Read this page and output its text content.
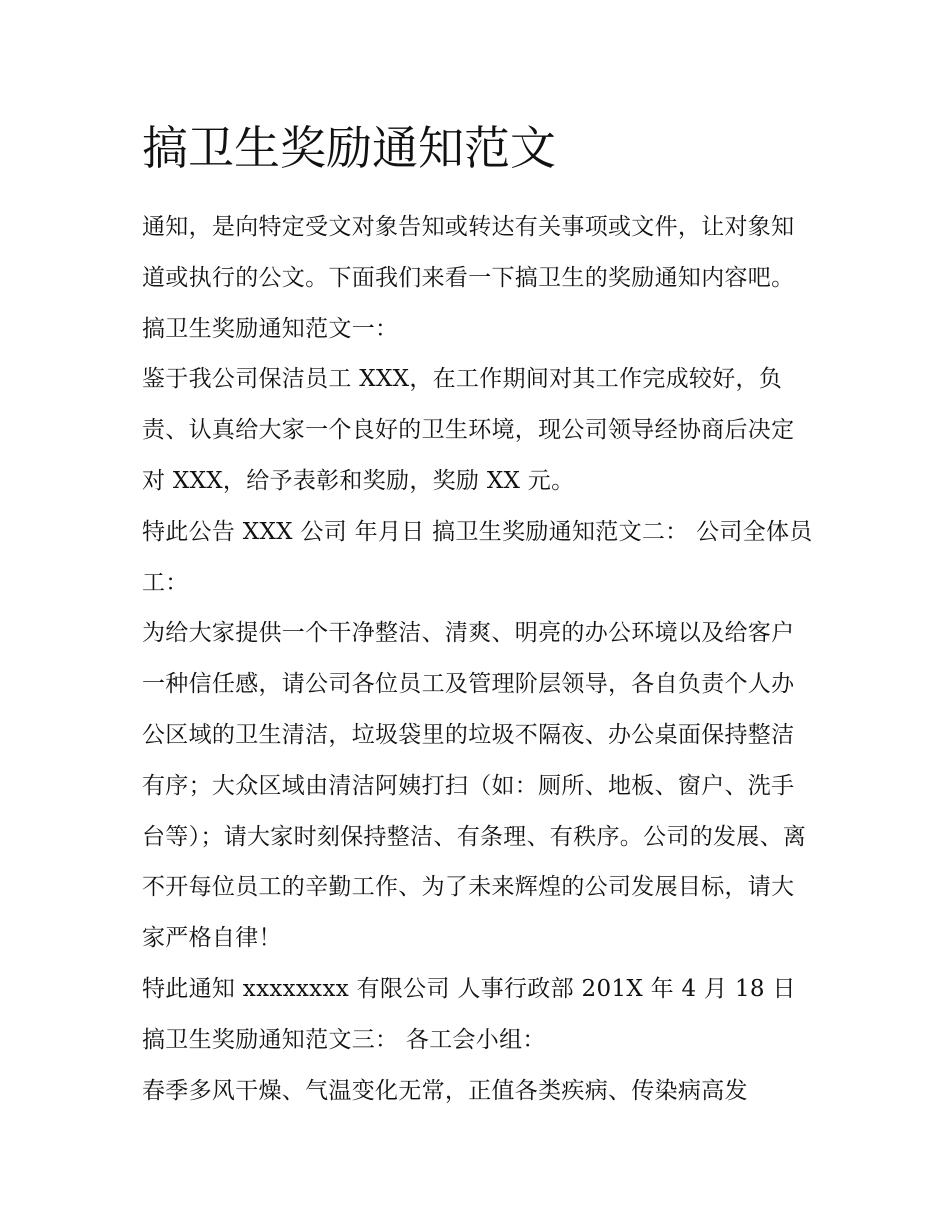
搞卫生奖励通知范文

通知，是向特定受文对象告知或转达有关事项或文件，让对象知道或执行的公文。下面我们来看一下搞卫生的奖励通知内容吧。 搞卫生奖励通知范文一：

鉴于我公司保洁员工 XXX，在工作期间对其工作完成较好，负责、认真给大家一个良好的卫生环境，现公司领导经协商后决定对 XXX，给予表彰和奖励，奖励 XX 元。

特此公告 XXX 公司 年月日 搞卫生奖励通知范文二： 公司全体员工：

为给大家提供一个干净整洁、清爽、明亮的办公环境以及给客户一种信任感，请公司各位员工及管理阶层领导，各自负责个人办公区域的卫生清洁，垃圾袋里的垃圾不隔夜、办公桌面保持整洁有序；大众区域由清洁阿姨打扫（如：厕所、地板、窗户、洗手台等）；请大家时刻保持整洁、有条理、有秩序。公司的发展、离不开每位员工的辛勤工作、为了未来辉煌的公司发展目标，请大家严格自律！

特此通知 xxxxxxxx 有限公司 人事行政部 201X 年 4 月 18 日 搞卫生奖励通知范文三： 各工会小组：

春季多风干燥、气温变化无常，正值各类疾病、传染病高发
